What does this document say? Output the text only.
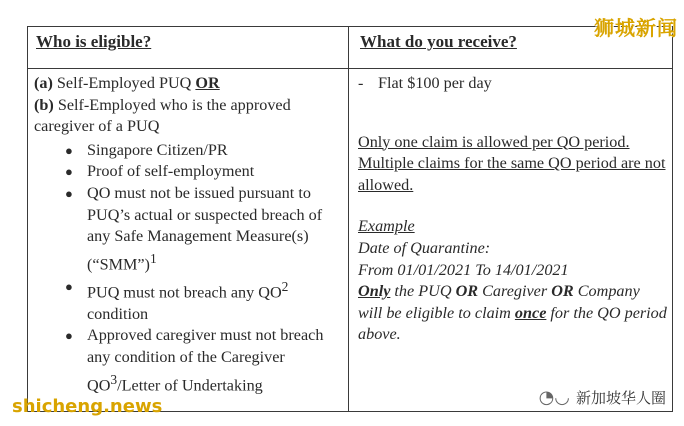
Who is eligible?	What do you receive?

(a) Self-Employed PUQ OR

(b) Self-Employed who is the approved caregiver of a PUQ

● Singapore Citizen/PR
● Proof of self-employment
● QO must not be issued pursuant to PUQ’s actual or suspected breach of any Safe Management Measure(s) (“SMM”)$^1$
● PUQ must not breach any $QO^2$ condition
● Approved caregiver must not breach any condition of the Caregiver $QO^3$/Letter of Undertaking

- Flat $100 per day

Only one claim is allowed per QO period. Multiple claims for the same QO period are not allowed.
Example
Date of Quarantine:
From 01/01/2021 To 14/01/2021
Only the PUQ OR Caregiver OR Company will be eligible to claim once for the QO period above.
狮城新闻
shicheng.news	◔◡ 新加坡华人圈
